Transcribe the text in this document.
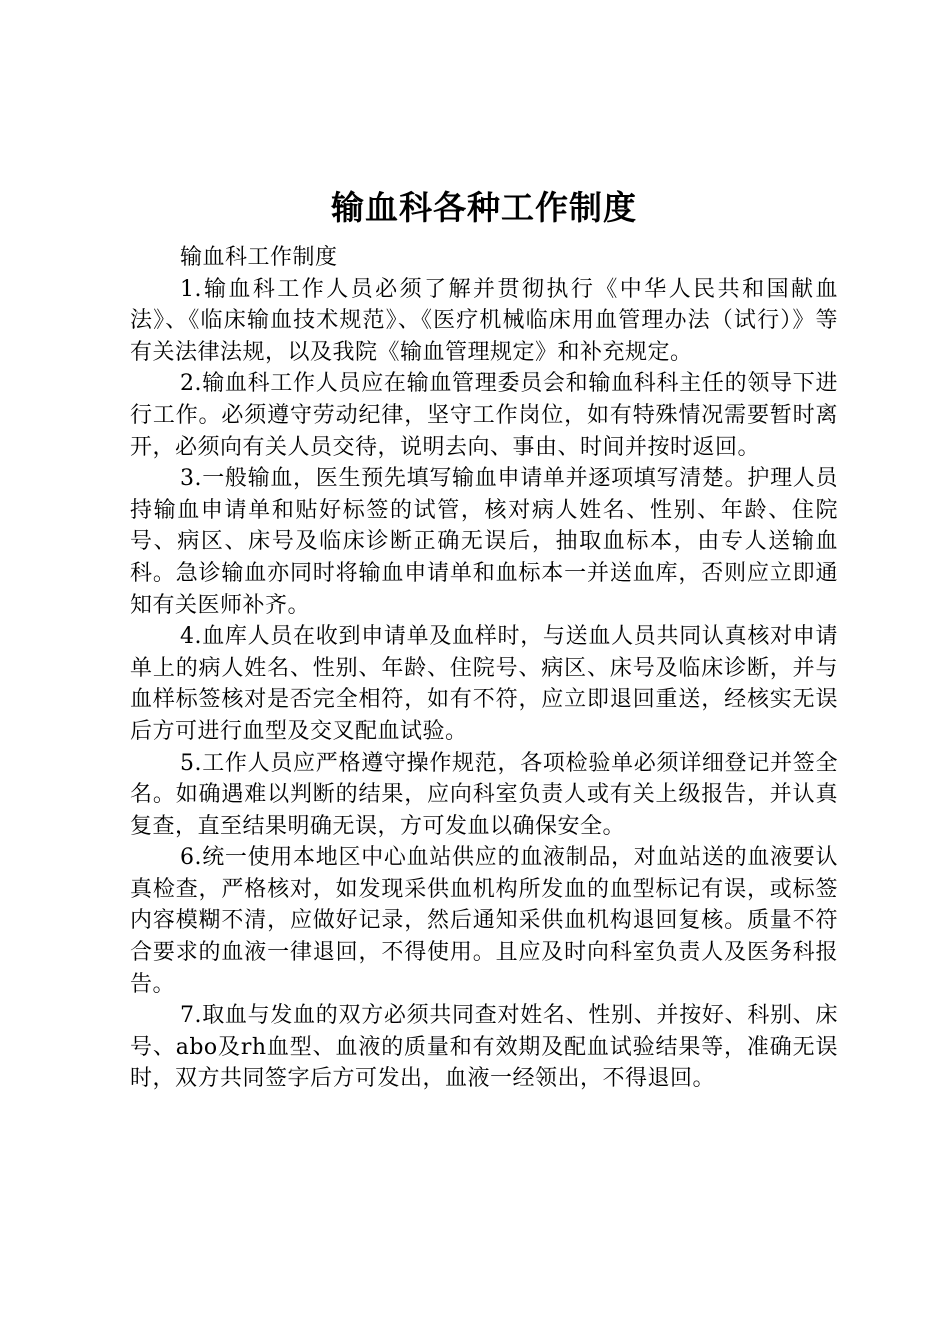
输血科各种工作制度

输血科工作制度

1.输血科工作人员必须了解并贯彻执行《中华人民共和国献血法》、《临床输血技术规范》、《医疗机械临床用血管理办法（试行）》等有关法律法规，以及我院《输血管理规定》和补充规定。

2.输血科工作人员应在输血管理委员会和输血科科主任的领导下进行工作。必须遵守劳动纪律，坚守工作岗位，如有特殊情况需要暂时离开，必须向有关人员交待，说明去向、事由、时间并按时返回。

3.一般输血，医生预先填写输血申请单并逐项填写清楚。护理人员持输血申请单和贴好标签的试管，核对病人姓名、性别、年龄、住院号、病区、床号及临床诊断正确无误后，抽取血标本，由专人送输血科。急诊输血亦同时将输血申请单和血标本一并送血库，否则应立即通知有关医师补齐。

4.血库人员在收到申请单及血样时，与送血人员共同认真核对申请单上的病人姓名、性别、年龄、住院号、病区、床号及临床诊断，并与血样标签核对是否完全相符，如有不符，应立即退回重送，经核实无误后方可进行血型及交叉配血试验。

5.工作人员应严格遵守操作规范，各项检验单必须详细登记并签全名。如确遇难以判断的结果，应向科室负责人或有关上级报告，并认真复查，直至结果明确无误，方可发血以确保安全。

6.统一使用本地区中心血站供应的血液制品，对血站送的血液要认真检查，严格核对，如发现采供血机构所发血的血型标记有误，或标签内容模糊不清，应做好记录，然后通知采供血机构退回复核。质量不符合要求的血液一律退回，不得使用。且应及时向科室负责人及医务科报告。

7.取血与发血的双方必须共同查对姓名、性别、并按好、科别、床号、abo及rh血型、血液的质量和有效期及配血试验结果等，准确无误时，双方共同签字后方可发出，血液一经领出，不得退回。
